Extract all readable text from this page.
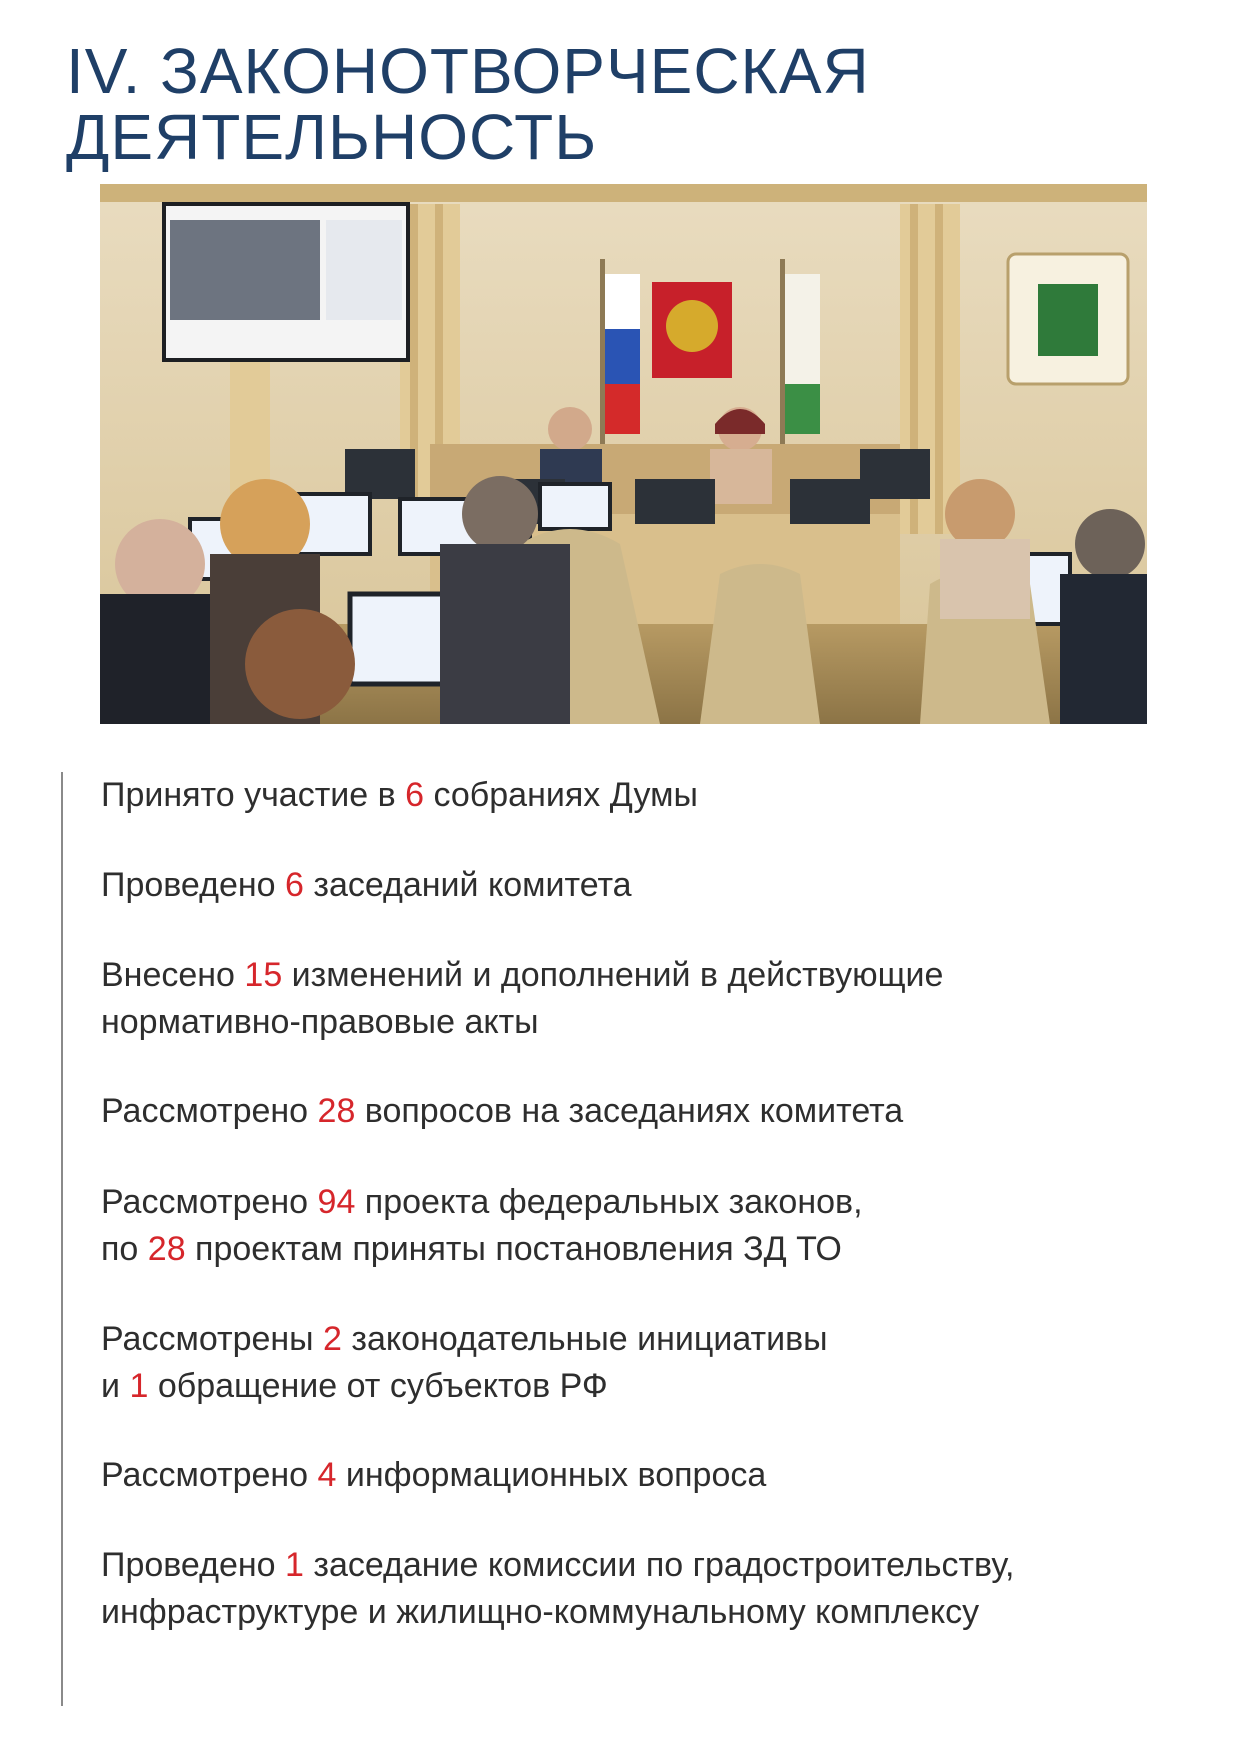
IV. ЗАКОНОТВОРЧЕСКАЯ
ДЕЯТЕЛЬНОСТЬ
Принято участие в 6 собраниях Думы
Проведено 6 заседаний комитета
Внесено 15 изменений и дополнений в действующие
нормативно-правовые акты
Рассмотрено 28 вопросов на заседаниях комитета
Рассмотрено 94 проекта федеральных законов,
по 28 проектам приняты постановления ЗД ТО
Рассмотрены 2 законодательные инициативы
и 1 обращение от субъектов РФ
Рассмотрено 4 информационных вопроса
Проведено 1 заседание комиссии по градостроительству,
инфраструктуре и жилищно-коммунальному комплексу
